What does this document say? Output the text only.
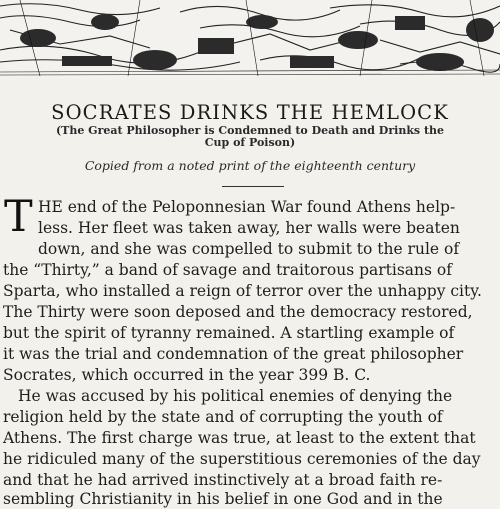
SOCRATES DRINKS THE HEMLOCK
(The Great Philosopher is Condemned to Death and Drinks the
Cup of Poison)
Copied from a noted print of the eighteenth century
T HE end of the Peloponnesian War found Athens help-
less. Her fleet was taken away, her walls were beaten
down, and she was compelled to submit to the rule of
the “Thirty,” a band of savage and traitorous partisans of
Sparta, who installed a reign of terror over the unhappy city.
The Thirty were soon deposed and the democracy restored,
but the spirit of tyranny remained. A startling example of
it was the trial and condemnation of the great philosopher
Socrates, which occurred in the year 399 B. C.
He was accused by his political enemies of denying the
religion held by the state and of corrupting the youth of
Athens. The first charge was true, at least to the extent that
he ridiculed many of the superstitious ceremonies of the day
and that he had arrived instinctively at a broad faith re-
sembling Christianity in his belief in one God and in the
